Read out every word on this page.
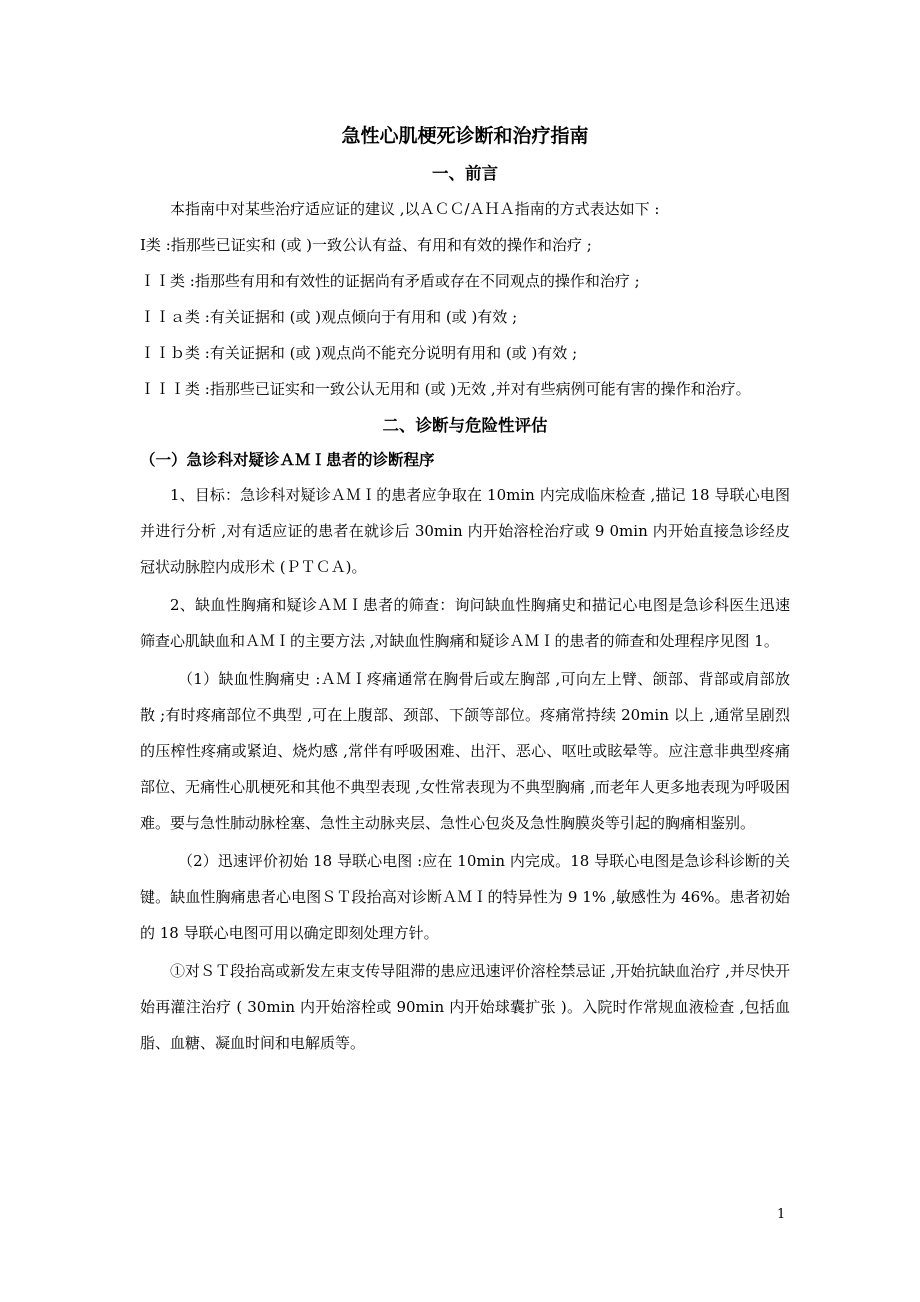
急性心肌梗死诊断和治疗指南
一、前言

本指南中对某些治疗适应证的建议 ,以ＡＣＣ/ＡＨＡ指南的方式表达如下 :

Ⅰ类 :指那些已证实和 (或 )一致公认有益、有用和有效的操作和治疗 ;

ＩＩ类 :指那些有用和有效性的证据尚有矛盾或存在不同观点的操作和治疗 ;

ＩＩａ类 :有关证据和 (或 )观点倾向于有用和 (或 )有效 ;

ＩＩｂ类 :有关证据和 (或 )观点尚不能充分说明有用和 (或 )有效 ;

ＩＩＩ类 :指那些已证实和一致公认无用和 (或 )无效 ,并对有些病例可能有害的操作和治疗。

二、诊断与危险性评估
（一）急诊科对疑诊ＡＭＩ患者的诊断程序

1、目标：急诊科对疑诊ＡＭＩ的患者应争取在 10min 内完成临床检查 ,描记 18 导联心电图并进行分析 ,对有适应证的患者在就诊后 30min 内开始溶栓治疗或 9 0min 内开始直接急诊经皮冠状动脉腔内成形术 (ＰＴＣＡ)。

2、缺血性胸痛和疑诊ＡＭＩ患者的筛查：询问缺血性胸痛史和描记心电图是急诊科医生迅速筛查心肌缺血和ＡＭＩ的主要方法 ,对缺血性胸痛和疑诊ＡＭＩ的患者的筛查和处理程序见图 1。

（1）缺血性胸痛史 :ＡＭＩ疼痛通常在胸骨后或左胸部 ,可向左上臂、颌部、背部或肩部放散 ;有时疼痛部位不典型 ,可在上腹部、颈部、下颌等部位。疼痛常持续 20min 以上 ,通常呈剧烈的压榨性疼痛或紧迫、烧灼感 ,常伴有呼吸困难、出汗、恶心、呕吐或眩晕等。应注意非典型疼痛部位、无痛性心肌梗死和其他不典型表现 ,女性常表现为不典型胸痛 ,而老年人更多地表现为呼吸困难。要与急性肺动脉栓塞、急性主动脉夹层、急性心包炎及急性胸膜炎等引起的胸痛相鉴别。

（2）迅速评价初始 18 导联心电图 :应在 10min 内完成。18 导联心电图是急诊科诊断的关键。缺血性胸痛患者心电图ＳＴ段抬高对诊断ＡＭＩ的特异性为 9 1% ,敏感性为 46%。患者初始的 18 导联心电图可用以确定即刻处理方针。

①对ＳＴ段抬高或新发左束支传导阻滞的患应迅速评价溶栓禁忌证 ,开始抗缺血治疗 ,并尽快开始再灌注治疗 ( 30min 内开始溶栓或 90min 内开始球囊扩张 )。入院时作常规血液检查 ,包括血脂、血糖、凝血时间和电解质等。

1
